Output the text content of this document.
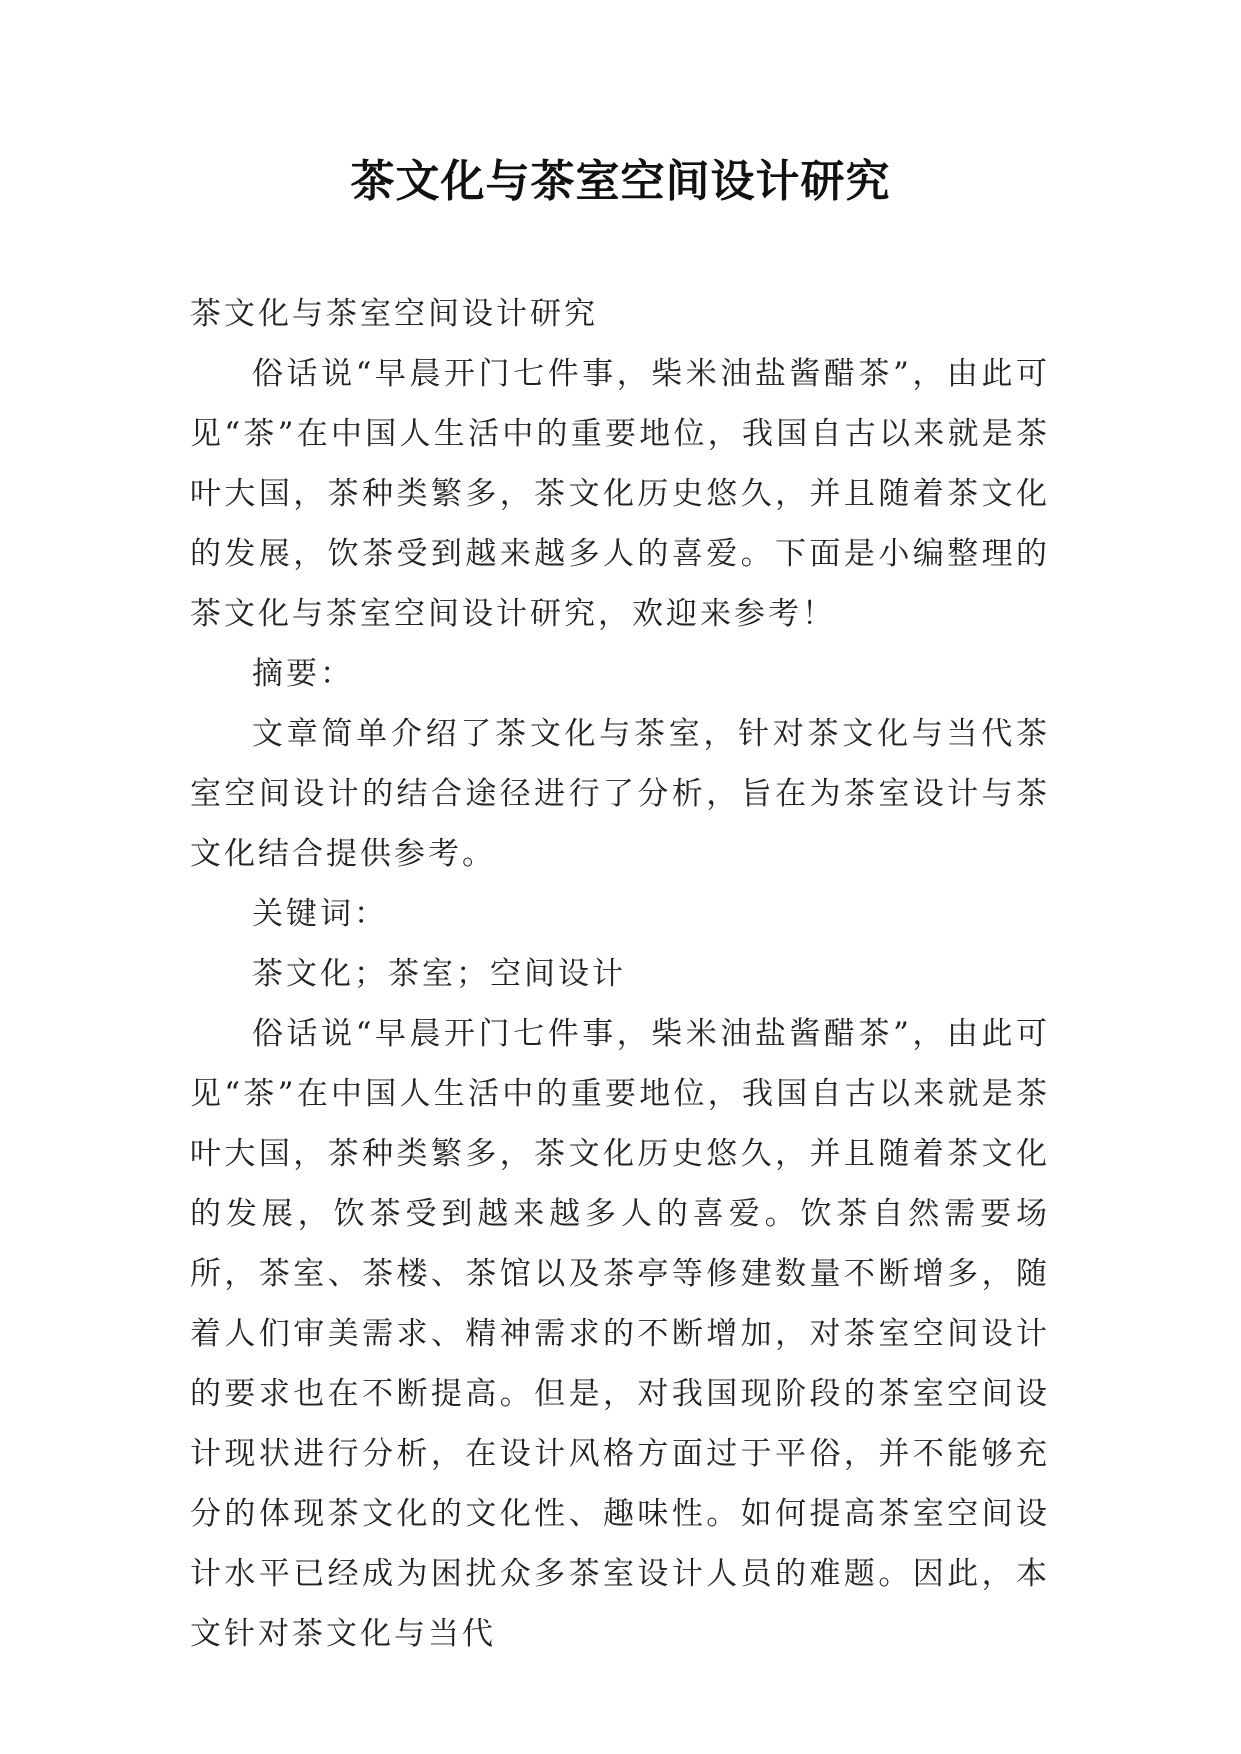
茶文化与茶室空间设计研究

茶文化与茶室空间设计研究

俗话说“早晨开门七件事，柴米油盐酱醋茶”，由此可见“茶”在中国人生活中的重要地位，我国自古以来就是茶叶大国，茶种类繁多，茶文化历史悠久，并且随着茶文化的发展，饮茶受到越来越多人的喜爱。下面是小编整理的茶文化与茶室空间设计研究，欢迎来参考！

摘要：

文章简单介绍了茶文化与茶室，针对茶文化与当代茶室空间设计的结合途径进行了分析，旨在为茶室设计与茶文化结合提供参考。

关键词：

茶文化；茶室；空间设计

俗话说“早晨开门七件事，柴米油盐酱醋茶”，由此可见“茶”在中国人生活中的重要地位，我国自古以来就是茶叶大国，茶种类繁多，茶文化历史悠久，并且随着茶文化的发展，饮茶受到越来越多人的喜爱。饮茶自然需要场所，茶室、茶楼、茶馆以及茶亭等修建数量不断增多，随着人们审美需求、精神需求的不断增加，对茶室空间设计的要求也在不断提高。但是，对我国现阶段的茶室空间设计现状进行分析，在设计风格方面过于平俗，并不能够充分的体现茶文化的文化性、趣味性。如何提高茶室空间设计水平已经成为困扰众多茶室设计人员的难题。因此，本文针对茶文化与当代
